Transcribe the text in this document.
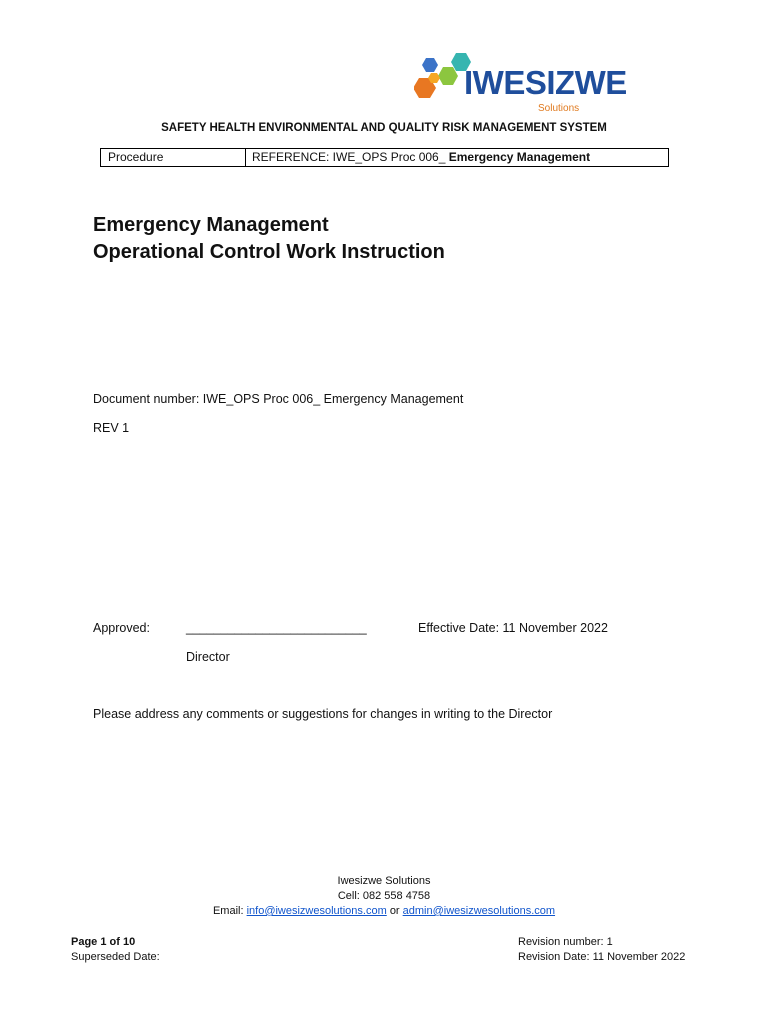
IWESIZWE
Solutions
SAFETY HEALTH ENVIRONMENTAL AND QUALITY RISK MANAGEMENT SYSTEM
Procedure	REFERENCE: IWE_OPS Proc 006_ Emergency Management
Emergency Management
Operational Control Work Instruction
Document number: IWE_OPS Proc 006_ Emergency Management
REV 1
Approved:	__________________________	Effective Date: 11 November 2022
Director
Please address any comments or suggestions for changes in writing to the Director
Iwesizwe Solutions
Cell: 082 558 4758
Email: info@iwesizwesolutions.com or admin@iwesizwesolutions.com
Page 1 of 10
Superseded Date:
Revision number: 1
Revision Date: 11 November 2022
